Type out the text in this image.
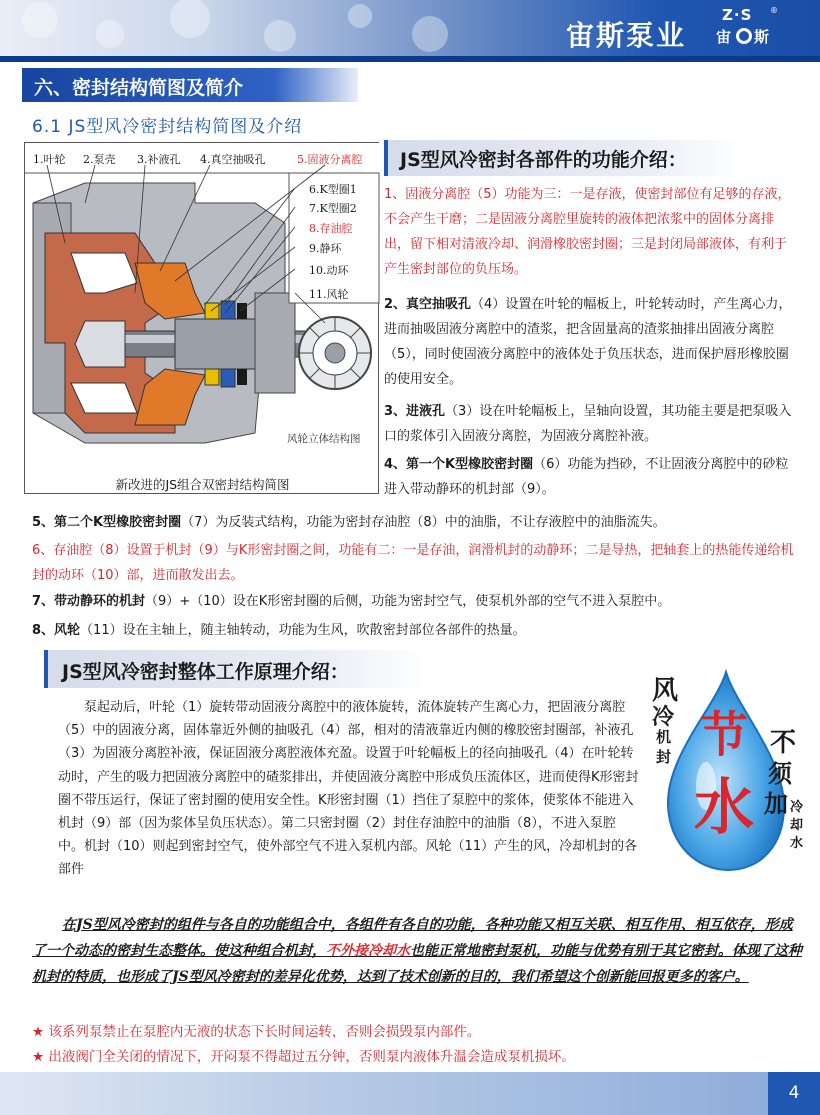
宙斯泵业
Z·S ®
宙 斯
六、密封结构简图及简介
6.1 JS型风冷密封结构简图及介绍
1.叶轮 2.泵壳 3.补液孔 4.真空抽吸孔	5.固液分离腔
6.K型圈1
7.K型圈2
8.存油腔
9.静环
10.动环
11.风轮
风轮立体结构图
新改进的JS组合双密封结构简图
JS型风冷密封各部件的功能介绍：
1、固液分离腔（5）功能为三：一是存液，使密封部位有足够的存液，不会产生干磨；二是固液分离腔里旋转的液体把浓浆中的固体分离排出，留下相对清液冷却、润滑橡胶密封圈；三是封闭局部液体，有利于产生密封部位的负压场。
2、真空抽吸孔（4）设置在叶轮的幅板上，叶轮转动时，产生离心力，进而抽吸固液分离腔中的渣浆，把含固量高的渣浆抽排出固液分离腔（5），同时使固液分离腔中的液体处于负压状态，进而保护唇形橡胶圈的使用安全。
3、进液孔（3）设在叶轮幅板上，呈轴向设置，其功能主要是把泵吸入口的浆体引入固液分离腔，为固液分离腔补液。
4、第一个K型橡胶密封圈（6）功能为挡砂，不让固液分离腔中的砂粒进入带动静环的机封部（9）。
5、第二个K型橡胶密封圈（7）为反装式结构，功能为密封存油腔（8）中的油脂，不让存液腔中的油脂流失。
6、存油腔（8）设置于机封（9）与K形密封圈之间，功能有二：一是存油，润滑机封的动静环；二是导热，把轴套上的热能传递给机封的动环（10）部，进而散发出去。
7、带动静环的机封（9）+（10）设在K形密封圈的后侧，功能为密封空气，使泵机外部的空气不进入泵腔中。
8、风轮（11）设在主轴上，随主轴转动，功能为生风，吹散密封部位各部件的热量。
JS型风冷密封整体工作原理介绍：
泵起动后，叶轮（1）旋转带动固液分离腔中的液体旋转，流体旋转产生离心力，把固液分离腔（5）中的固液分离，固体靠近外侧的抽吸孔（4）部，相对的清液靠近内侧的橡胶密封圈部，补液孔（3）为固液分离腔补液，保证固液分离腔液体充盈。设置于叶轮幅板上的径向抽吸孔（4）在叶轮转动时，产生的吸力把固液分离腔中的碴浆排出，并使固液分离腔中形成负压流体区，进而使得K形密封圈不带压运行，保证了密封圈的使用安全性。K形密封圈（1）挡住了泵腔中的浆体，使浆体不能进入机封（9）部（因为浆体呈负压状态）。第二只密封圈（2）封住存油腔中的油脂（8），不进入泵腔中。机封（10）则起到密封空气，使外部空气不进入泵机内部。风轮（11）产生的风，冷却机封的各部件
风
冷
机
封 节
水
不
须
加 冷
却
水
在JS型风冷密封的组件与各自的功能组合中，各组件有各自的功能，各种功能又相互关联、相互作用、相互依存，形成了一个动态的密封生态整体。使这种组合机封，不外接冷却水也能正常地密封泵机，功能与优势有别于其它密封。体现了这种机封的特质，也形成了JS型风冷密封的差异化优势，达到了技术创新的目的，我们希望这个创新能回报更多的客户。
★ 该系列泵禁止在泵腔内无液的状态下长时间运转，否则会损毁泵内部件。
★ 出液阀门全关闭的情况下，开闷泵不得超过五分钟，否则泵内液体升温会造成泵机损坏。
4
